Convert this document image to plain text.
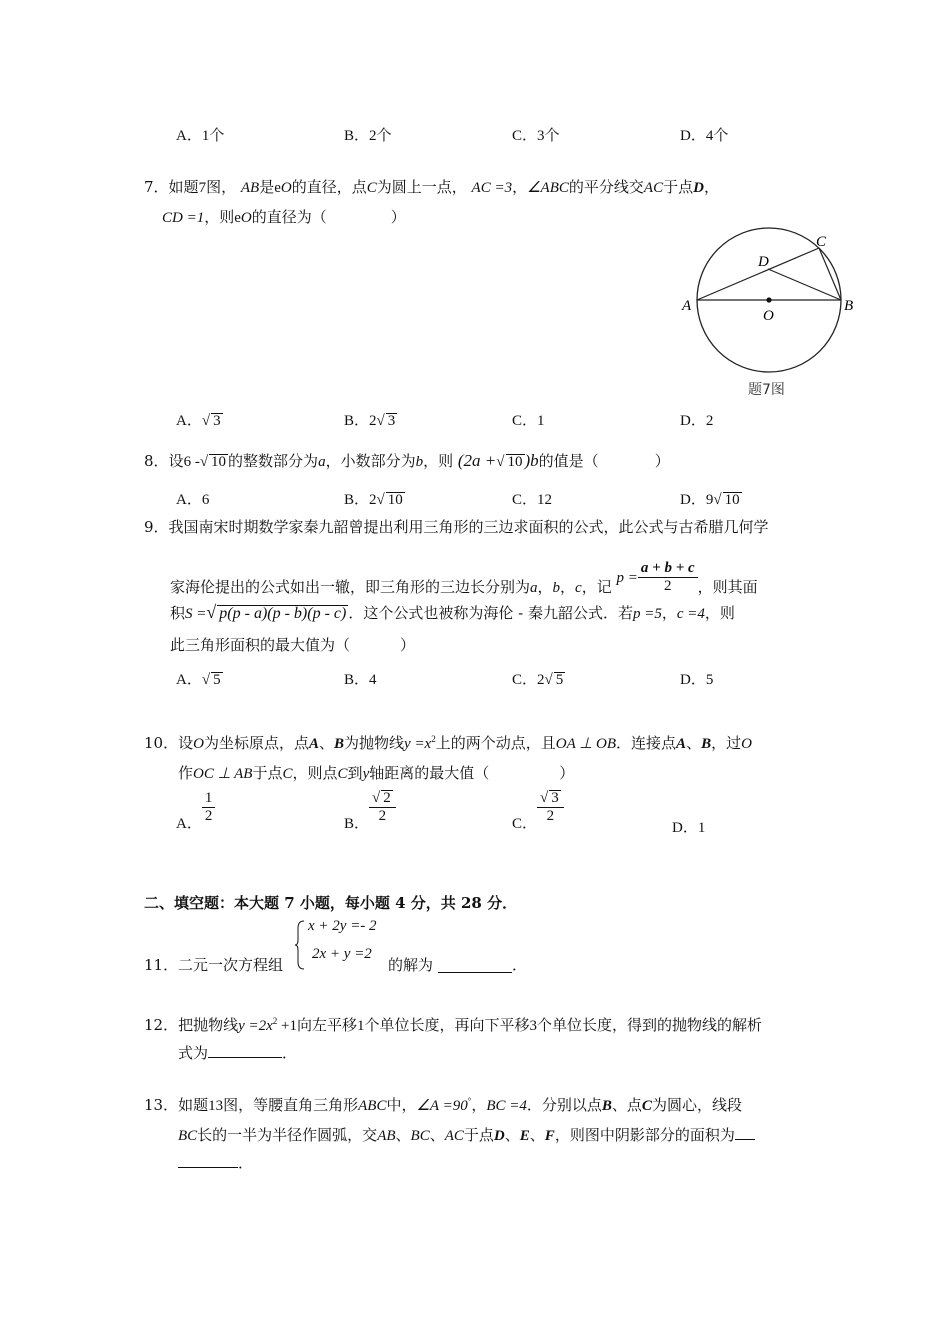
A．1个	B．2个	C．3个	D．4个
7．如题7图， AB是eO的直径，点C为圆上一点， AC =3，∠ABC的平分线交AC于点D，
CD =1，则eO的直径为（	）
A	B
C
D
O
题7图
A．√ 3	B．2√ 3	C．1	D．2
8．设6 -√ 10 的整数部分为a，小数部分为b，则 (2a +√ 10 )b的值是（	）
A．6	B．2√ 10	C．12	D．9√ 10
9．我国南宋时期数学家秦九韶曾提出利用三角形的三边求面积的公式，此公式与古希腊几何学
家海伦提出的公式如出一辙，即三角形的三边长分别为a，b，c，记 $p = \frac{a + b + c}{2}$ ，则其面
积S =√ p(p - a)(p - b)(p - c) ．这个公式也被称为海伦 - 秦九韶公式．若p =5，c =4，则
此三角形面积的最大值为（	）
A．√ 5	B．4	C．2√ 5	D．5
10．设O为坐标原点，点A、B为抛物线$y =x^2$上的两个动点，且OA ⊥ OB．连接点A、B，过O
作OC ⊥ AB于点C，则点C到y轴距离的最大值（	）
A． $\frac{1}{2}$	B． $\frac{√ 2}{2}$	C． $\frac{√ 3}{2}$
D．1
二、填空题：本大题 7 小题，每小题 4 分，共 28 分．
11． 二元一次方程组
x + 2y =- 2
2x + y =2
的解为	．
12．把抛物线$y =2x^2 +1$向左平移1个单位长度，再向下平移3个单位长度，得到的抛物线的解析
式为	．
13．如题13图，等腰直角三角形ABC中，∠A =90°，BC =4．分别以点B、点C为圆心，线段
BC长的一半为半径作圆弧，交AB、BC、AC于点D、E、F，则图中阴影部分的面积为
．
